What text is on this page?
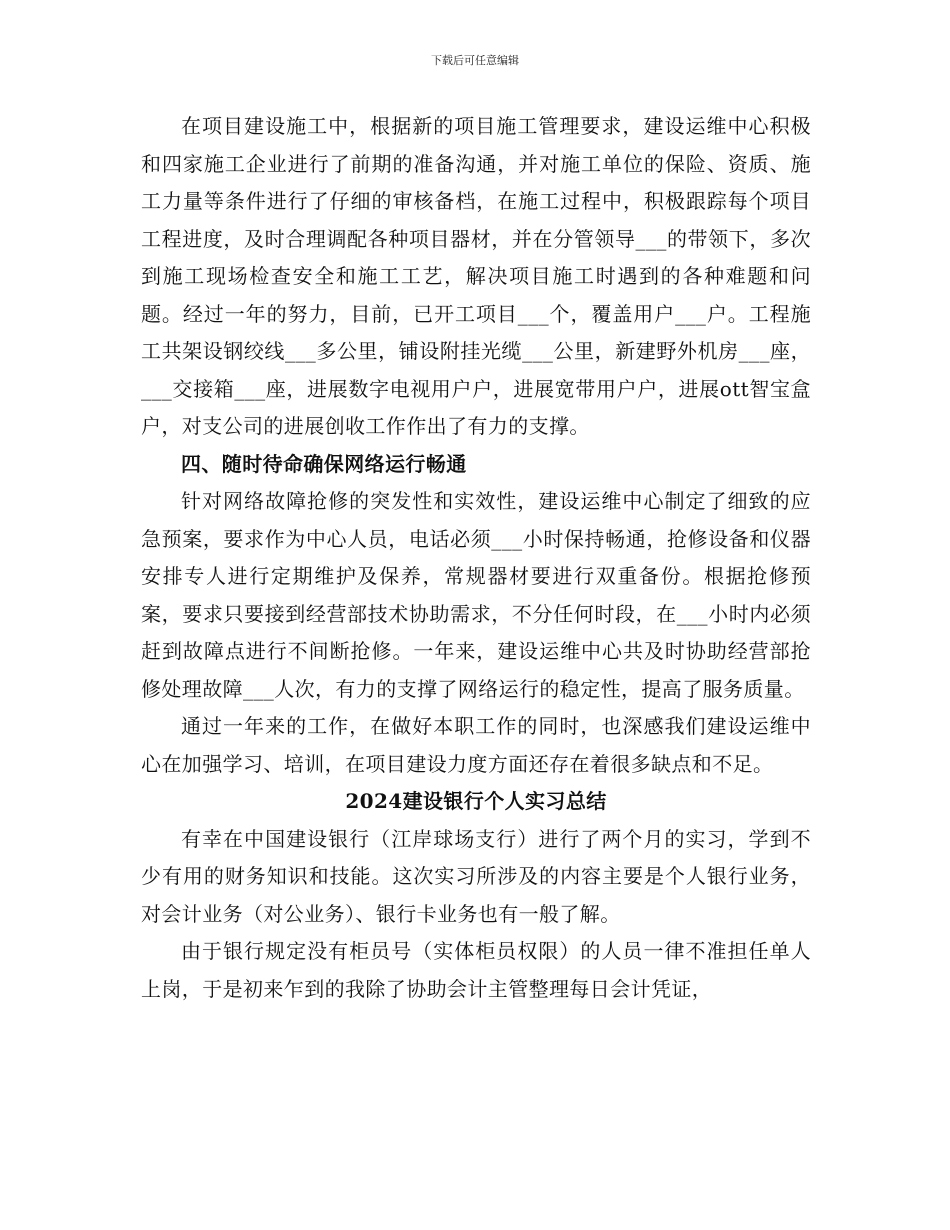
下载后可任意编辑

在项目建设施工中，根据新的项目施工管理要求，建设运维中心积极和四家施工企业进行了前期的准备沟通，并对施工单位的保险、资质、施工力量等条件进行了仔细的审核备档，在施工过程中，积极跟踪每个项目工程进度，及时合理调配各种项目器材，并在分管领导___的带领下，多次到施工现场检查安全和施工工艺，解决项目施工时遇到的各种难题和问题。经过一年的努力，目前，已开工项目___个，覆盖用户___户。工程施工共架设钢绞线___多公里，铺设附挂光缆___公里，新建野外机房___座，___交接箱___座，进展数字电视用户户，进展宽带用户户，进展ott智宝盒户，对支公司的进展创收工作作出了有力的支撑。

四、随时待命确保网络运行畅通

针对网络故障抢修的突发性和实效性，建设运维中心制定了细致的应急预案，要求作为中心人员，电话必须___小时保持畅通，抢修设备和仪器安排专人进行定期维护及保养，常规器材要进行双重备份。根据抢修预案，要求只要接到经营部技术协助需求，不分任何时段，在___小时内必须赶到故障点进行不间断抢修。一年来，建设运维中心共及时协助经营部抢修处理故障___人次，有力的支撑了网络运行的稳定性，提高了服务质量。

通过一年来的工作，在做好本职工作的同时，也深感我们建设运维中心在加强学习、培训，在项目建设力度方面还存在着很多缺点和不足。

2024建设银行个人实习总结

有幸在中国建设银行（江岸球场支行）进行了两个月的实习，学到不少有用的财务知识和技能。这次实习所涉及的内容主要是个人银行业务，对会计业务（对公业务）、银行卡业务也有一般了解。

由于银行规定没有柜员号（实体柜员权限）的人员一律不准担任单人上岗，于是初来乍到的我除了协助会计主管整理每日会计凭证，
